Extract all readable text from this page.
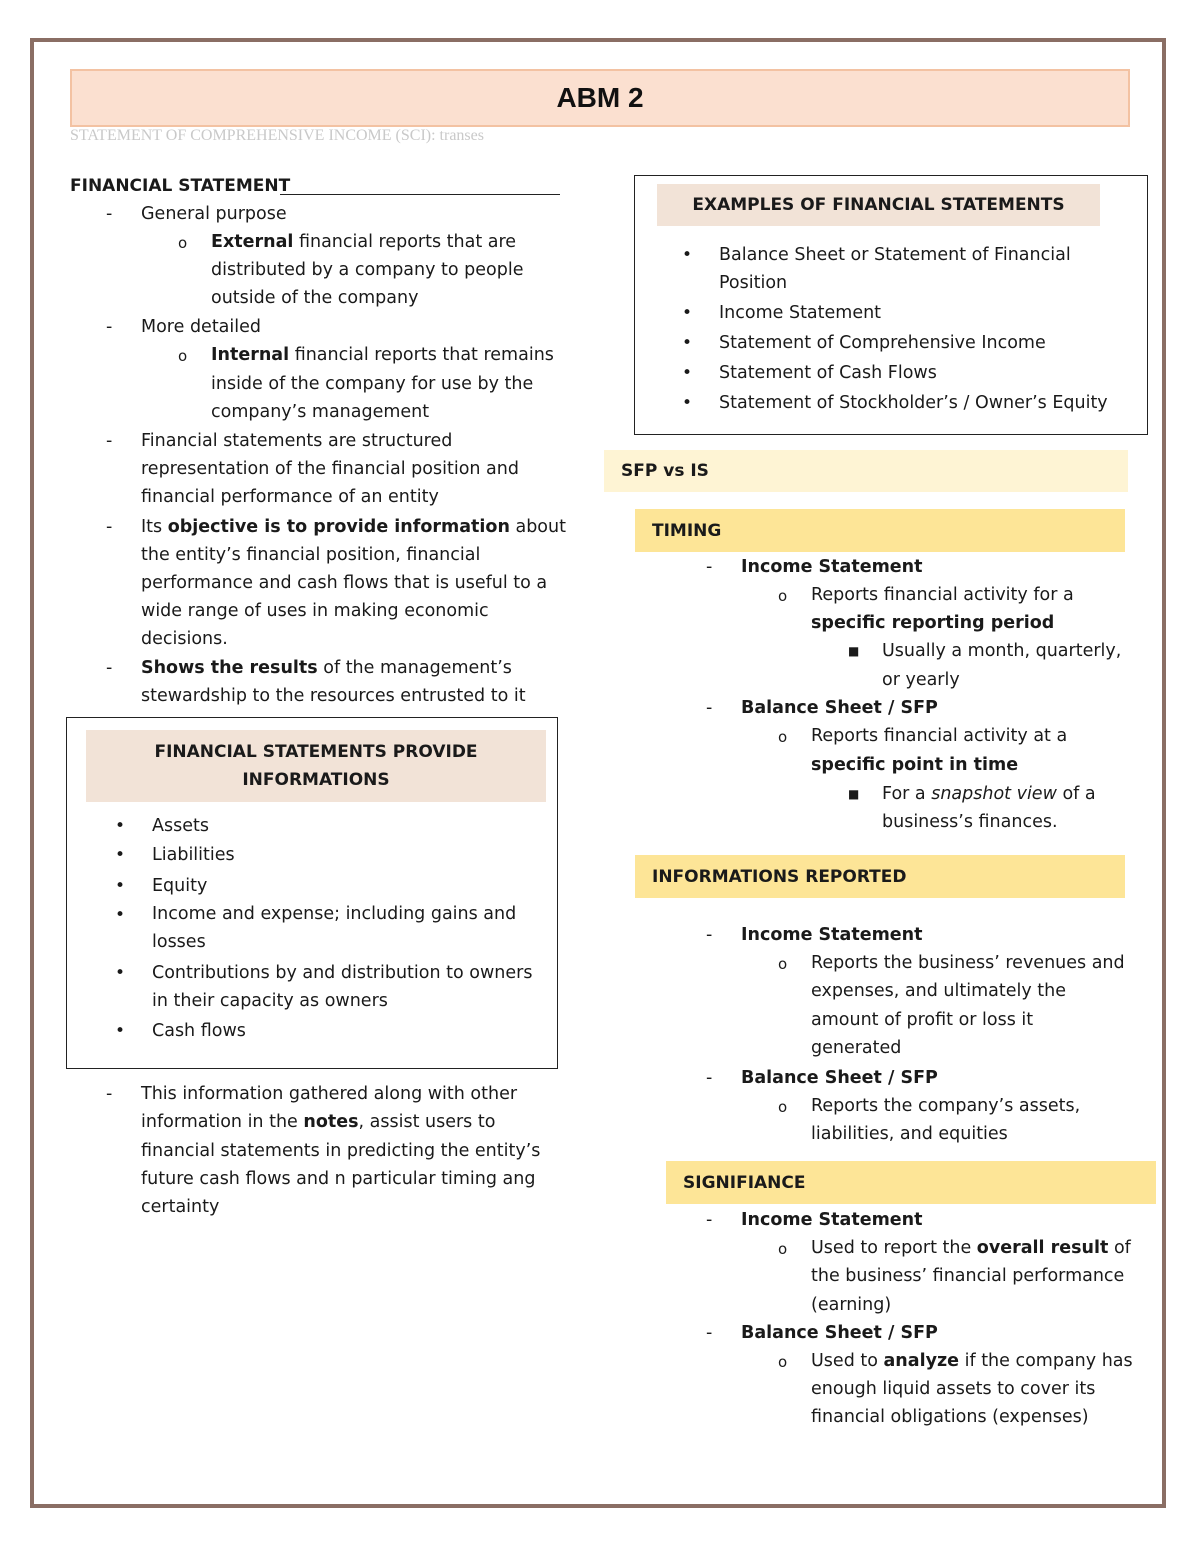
ABM 2
STATEMENT OF COMPREHENSIVE INCOME (SCI): transes
FINANCIAL STATEMENT
- General purpose
o External financial reports that are
distributed by a company to people
outside of the company
- More detailed
o Internal financial reports that remains
inside of the company for use by the
company’s management
- Financial statements are structured
representation of the financial position and
financial performance of an entity
- Its objective is to provide information about
the entity’s financial position, financial
performance and cash flows that is useful to a
wide range of uses in making economic
decisions.
- Shows the results of the management’s
stewardship to the resources entrusted to it
FINANCIAL STATEMENTS PROVIDE
INFORMATIONS
• Assets
• Liabilities
• Equity
• Income and expense; including gains and
losses
• Contributions by and distribution to owners
in their capacity as owners
• Cash flows
- This information gathered along with other
information in the notes, assist users to
financial statements in predicting the entity’s
future cash flows and n particular timing ang
certainty
EXAMPLES OF FINANCIAL STATEMENTS
• Balance Sheet or Statement of Financial
Position
• Income Statement
• Statement of Comprehensive Income
• Statement of Cash Flows
• Statement of Stockholder’s / Owner’s Equity
SFP vs IS
TIMING
- Income Statement
o Reports financial activity for a
specific reporting period
■ Usually a month, quarterly,
or yearly
- Balance Sheet / SFP
o Reports financial activity at a
specific point in time
■ For a snapshot view of a
business’s finances.
INFORMATIONS REPORTED
- Income Statement
o Reports the business’ revenues and
expenses, and ultimately the
amount of profit or loss it
generated
- Balance Sheet / SFP
o Reports the company’s assets,
liabilities, and equities
SIGNIFIANCE
- Income Statement
o Used to report the overall result of
the business’ financial performance
(earning)
- Balance Sheet / SFP
o Used to analyze if the company has
enough liquid assets to cover its
financial obligations (expenses)
